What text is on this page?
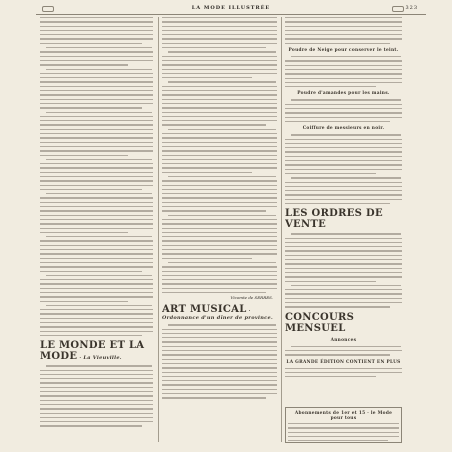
LA MODE ILLUSTRÉE	323
LE MONDE ET LA MODE · La Vieuville.
Vicomte de SERRES.
ART MUSICAL · Ordonnance d'un dîner de province.
Poudre de Neige pour conserver le teint.
Poudre d'amandes pour les mains.
Coiffure de messieurs en noir.
LES ORDRES DE VENTE
CONCOURS MENSUEL
Annonces
LA GRANDE ÉDITION CONTIENT EN PLUS
Abonnements de 1er et 15 · le Mode pour tous
